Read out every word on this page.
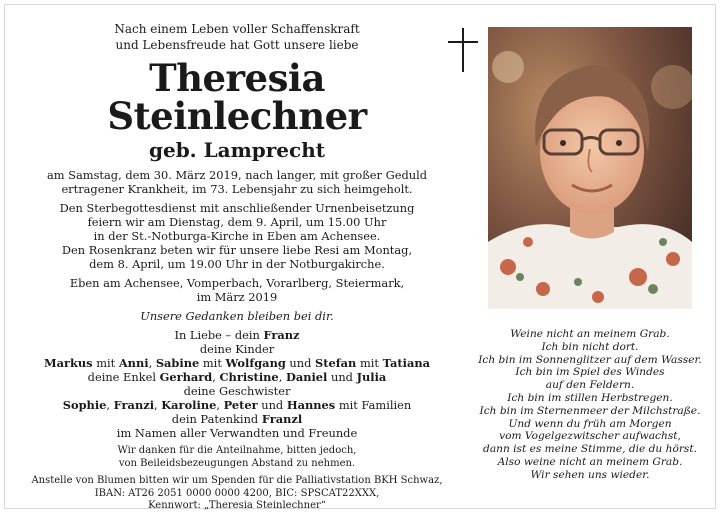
Nach einem Leben voller Schaffenskraft
und Lebensfreude hat Gott unsere liebe
Theresia Steinlechner
geb. Lamprecht
am Samstag, dem 30. März 2019, nach langer, mit großer Geduld
ertragener Krankheit, im 73. Lebensjahr zu sich heimgeholt.
Den Sterbegottesdienst mit anschließender Urnenbeisetzung
feiern wir am Dienstag, dem 9. April, um 15.00 Uhr
in der St.-Notburga-Kirche in Eben am Achensee.
Den Rosenkranz beten wir für unsere liebe Resi am Montag,
dem 8. April, um 19.00 Uhr in der Notburgakirche.
Eben am Achensee, Vomperbach, Vorarlberg, Steiermark,
im März 2019
Unsere Gedanken bleiben bei dir.
In Liebe – dein Franz
deine Kinder
Markus mit Anni, Sabine mit Wolfgang und Stefan mit Tatiana
deine Enkel Gerhard, Christine, Daniel und Julia
deine Geschwister
Sophie, Franzi, Karoline, Peter und Hannes mit Familien
dein Patenkind Franzl
im Namen aller Verwandten und Freunde
Wir danken für die Anteilnahme, bitten jedoch,
von Beileidsbezeugungen Abstand zu nehmen.
Anstelle von Blumen bitten wir um Spenden für die Palliativstation BKH Schwaz,
IBAN: AT26 2051 0000 0000 4200, BIC: SPSCAT22XXX,
Kennwort: „Theresia Steinlechner“
Weine nicht an meinem Grab.
Ich bin nicht dort.
Ich bin im Sonnenglitzer auf dem Wasser.
Ich bin im Spiel des Windes
auf den Feldern.
Ich bin im stillen Herbstregen.
Ich bin im Sternenmeer der Milchstraße.
Und wenn du früh am Morgen
vom Vogelgezwitscher aufwachst,
dann ist es meine Stimme, die du hörst.
Also weine nicht an meinem Grab.
Wir sehen uns wieder.
